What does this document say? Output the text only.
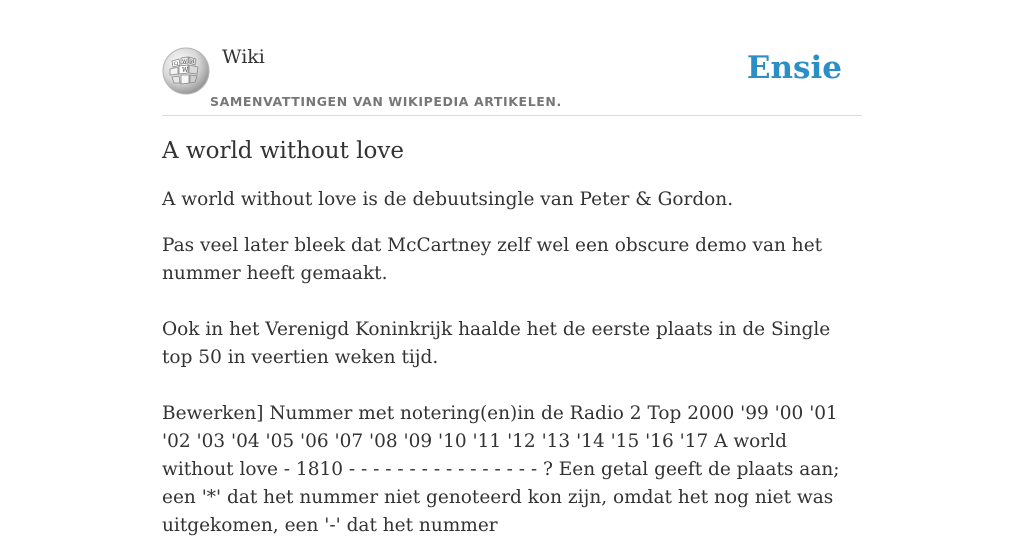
Ω W И
W
Wiki
SAMENVATTINGEN VAN WIKIPEDIA ARTIKELEN.
Ensie
A world without love

A world without love is de debuutsingle van Peter & Gordon.

Pas veel later bleek dat McCartney zelf wel een obscure demo van het nummer heeft gemaakt.

Ook in het Verenigd Koninkrijk haalde het de eerste plaats in de Single top 50 in veertien weken tijd.

Bewerken] Nummer met notering(en)in de Radio 2 Top 2000 '99 '00 '01 '02 '03 '04 '05 '06 '07 '08 '09 '10 '11 '12 '13 '14 '15 '16 '17 A world without love - 1810 - - - - - - - - - - - - - - - - ? Een getal geeft de plaats aan; een '*' dat het nummer niet genoteerd kon zijn, omdat het nog niet was uitgekomen, een '-' dat het nummer
